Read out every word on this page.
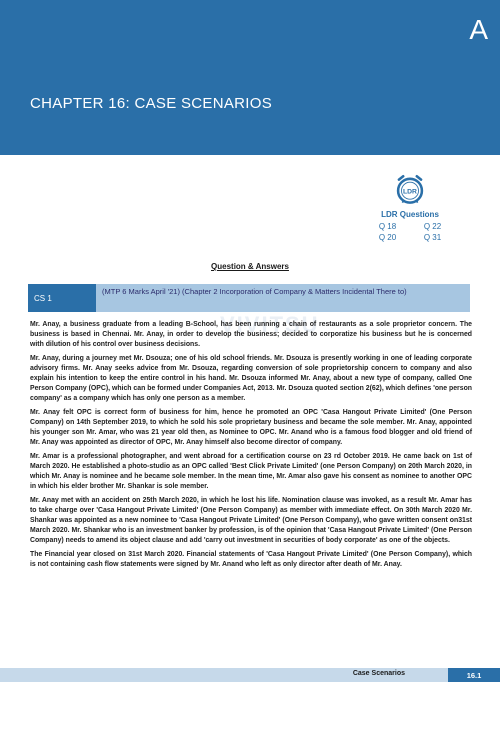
A
CHAPTER 16: CASE SCENARIOS
LDR
LDR Questions
Q 18	Q 22
Q 20	Q 31
Question & Answers
CS 1
(MTP 6 Marks April '21) (Chapter 2 Incorporation of Company & Matters Incidental There to)
VIVITSU

Mr. Anay, a business graduate from a leading B-School, has been running a chain of restaurants as a sole proprietor concern. The business is based in Chennai. Mr. Anay, in order to develop the business; decided to corporatize his business but he is concerned with dilution of his control over business decisions.

Mr. Anay, during a journey met Mr. Dsouza; one of his old school friends. Mr. Dsouza is presently working in one of leading corporate advisory firms. Mr. Anay seeks advice from Mr. Dsouza, regarding conversion of sole proprietorship concern to company and also explain his intention to keep the entire control in his hand. Mr. Dsouza informed Mr. Anay, about a new type of company, called One Person Company (OPC), which can be formed under Companies Act, 2013. Mr. Dsouza quoted section 2(62), which defines 'one person company' as a company which has only one person as a member.

Mr. Anay felt OPC is correct form of business for him, hence he promoted an OPC 'Casa Hangout Private Limited' (One Person Company) on 14th September 2019, to which he sold his sole proprietary business and became the sole member. Mr. Anay, appointed his younger son Mr. Amar, who was 21 year old then, as Nominee to OPC. Mr. Anand who is a famous food blogger and old friend of Mr. Anay was appointed as director of OPC, Mr. Anay himself also become director of company.

Mr. Amar is a professional photographer, and went abroad for a certification course on 23 rd October 2019. He came back on 1st of March 2020. He established a photo-studio as an OPC called 'Best Click Private Limited' (one Person Company) on 20th March 2020, in which Mr. Anay is nominee and he became sole member. In the mean time, Mr. Amar also gave his consent as nominee to another OPC in which his elder brother Mr. Shankar is sole member.

Mr. Anay met with an accident on 25th March 2020, in which he lost his life. Nomination clause was invoked, as a result Mr. Amar has to take charge over 'Casa Hangout Private Limited' (One Person Company) as member with immediate effect. On 30th March 2020 Mr. Shankar was appointed as a new nominee to 'Casa Hangout Private Limited' (One Person Company), who gave written consent on31st March 2020. Mr. Shankar who is an investment banker by profession, is of the opinion that 'Casa Hangout Private Limited' (One Person Company) needs to amend its object clause and add 'carry out investment in securities of body corporate' as one of the objects.

The Financial year closed on 31st March 2020. Financial statements of 'Casa Hangout Private Limited' (One Person Company), which is not containing cash flow statements were signed by Mr. Anand who left as only director after death of Mr. Anay.

Case Scenarios	16.1
